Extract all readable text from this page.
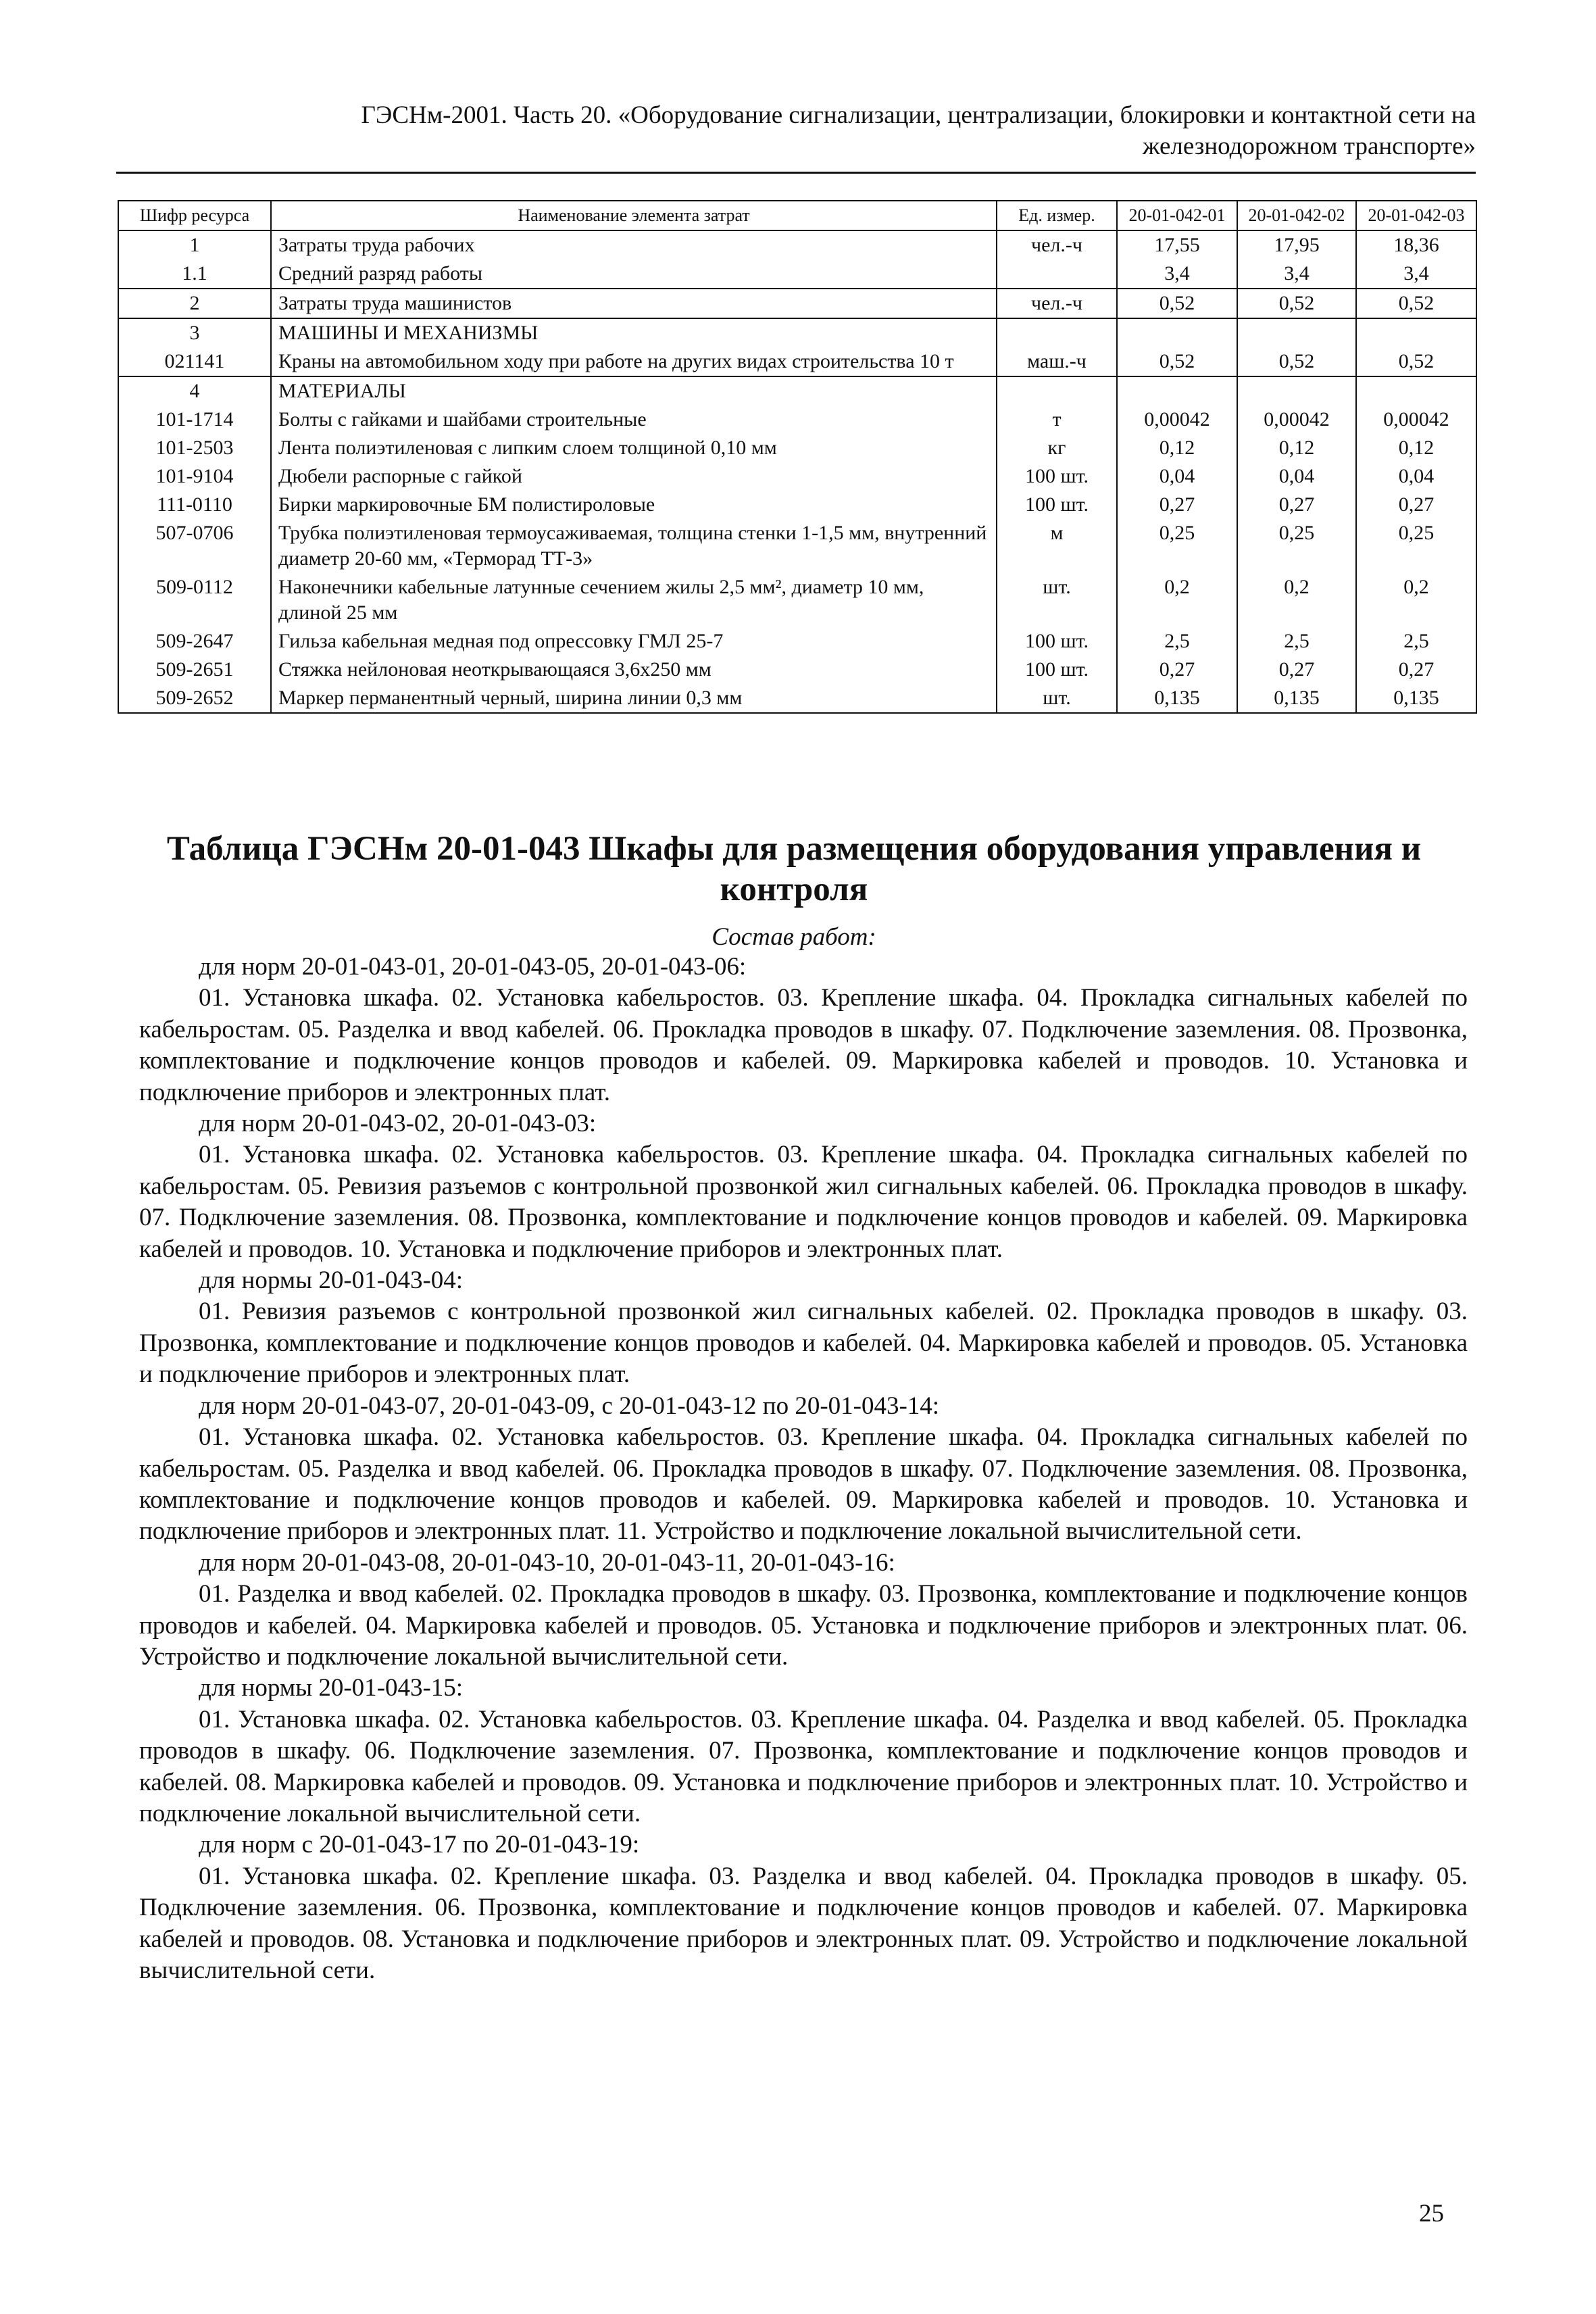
ГЭСНм-2001. Часть 20. «Оборудование сигнализации, централизации, блокировки и контактной сети на железнодорожном транспорте»
Шифр ресурса	Наименование элемента затрат	Ед. измер.	20-01-042-01	20-01-042-02	20-01-042-03
1	Затраты труда рабочих	чел.-ч	17,55	17,95	18,36
1.1	Средний разряд работы		3,4	3,4	3,4
2	Затраты труда машинистов	чел.-ч	0,52	0,52	0,52
3	МАШИНЫ И МЕХАНИЗМЫ				
021141	Краны на автомобильном ходу при работе на других видах строительства 10 т	маш.-ч	0,52	0,52	0,52
4	МАТЕРИАЛЫ				
101-1714	Болты с гайками и шайбами строительные	т	0,00042	0,00042	0,00042
101-2503	Лента полиэтиленовая с липким слоем толщиной 0,10 мм	кг	0,12	0,12	0,12
101-9104	Дюбели распорные с гайкой	100 шт.	0,04	0,04	0,04
111-0110	Бирки маркировочные БМ полистироловые	100 шт.	0,27	0,27	0,27
507-0706	Трубка полиэтиленовая термоусаживаемая, толщина стенки 1-1,5 мм, внутренний диаметр 20-60 мм, «Терморад ТТ-3»	м	0,25	0,25	0,25
509-0112	Наконечники кабельные латунные сечением жилы 2,5 мм², диаметр 10 мм, длиной 25 мм	шт.	0,2	0,2	0,2
509-2647	Гильза кабельная медная под опрессовку ГМЛ 25-7	100 шт.	2,5	2,5	2,5
509-2651	Стяжка нейлоновая неоткрывающаяся 3,6х250 мм	100 шт.	0,27	0,27	0,27
509-2652	Маркер перманентный черный, ширина линии 0,3 мм	шт.	0,135	0,135	0,135
Таблица ГЭСНм 20-01-043 Шкафы для размещения оборудования управления и контроля
Состав работ:

для норм 20-01-043-01, 20-01-043-05, 20-01-043-06:

01. Установка шкафа. 02. Установка кабельростов. 03. Крепление шкафа. 04. Прокладка сигнальных кабелей по кабельростам. 05. Разделка и ввод кабелей. 06. Прокладка проводов в шкафу. 07. Подключение заземления. 08. Прозвонка, комплектование и подключение концов проводов и кабелей. 09. Маркировка кабелей и проводов. 10. Установка и подключение приборов и электронных плат.

для норм 20-01-043-02, 20-01-043-03:

01. Установка шкафа. 02. Установка кабельростов. 03. Крепление шкафа. 04. Прокладка сигнальных кабелей по кабельростам. 05. Ревизия разъемов с контрольной прозвонкой жил сигнальных кабелей. 06. Прокладка проводов в шкафу. 07. Подключение заземления. 08. Прозвонка, комплектование и подключение концов проводов и кабелей. 09. Маркировка кабелей и проводов. 10. Установка и подключение приборов и электронных плат.

для нормы 20-01-043-04:

01. Ревизия разъемов с контрольной прозвонкой жил сигнальных кабелей. 02. Прокладка проводов в шкафу. 03. Прозвонка, комплектование и подключение концов проводов и кабелей. 04. Маркировка кабелей и проводов. 05. Установка и подключение приборов и электронных плат.

для норм 20-01-043-07, 20-01-043-09, с 20-01-043-12 по 20-01-043-14:

01. Установка шкафа. 02. Установка кабельростов. 03. Крепление шкафа. 04. Прокладка сигнальных кабелей по кабельростам. 05. Разделка и ввод кабелей. 06. Прокладка проводов в шкафу. 07. Подключение заземления. 08. Прозвонка, комплектование и подключение концов проводов и кабелей. 09. Маркировка кабелей и проводов. 10. Установка и подключение приборов и электронных плат. 11. Устройство и подключение локальной вычислительной сети.

для норм 20-01-043-08, 20-01-043-10, 20-01-043-11, 20-01-043-16:

01. Разделка и ввод кабелей. 02. Прокладка проводов в шкафу. 03. Прозвонка, комплектование и подключение концов проводов и кабелей. 04. Маркировка кабелей и проводов. 05. Установка и подключение приборов и электронных плат. 06. Устройство и подключение локальной вычислительной сети.

для нормы 20-01-043-15:

01. Установка шкафа. 02. Установка кабельростов. 03. Крепление шкафа. 04. Разделка и ввод кабелей. 05. Прокладка проводов в шкафу. 06. Подключение заземления. 07. Прозвонка, комплектование и подключение концов проводов и кабелей. 08. Маркировка кабелей и проводов. 09. Установка и подключение приборов и электронных плат. 10. Устройство и подключение локальной вычислительной сети.

для норм с 20-01-043-17 по 20-01-043-19:

01. Установка шкафа. 02. Крепление шкафа. 03. Разделка и ввод кабелей. 04. Прокладка проводов в шкафу. 05. Подключение заземления. 06. Прозвонка, комплектование и подключение концов проводов и кабелей. 07. Маркировка кабелей и проводов. 08. Установка и подключение приборов и электронных плат. 09. Устройство и подключение локальной вычислительной сети.

25
